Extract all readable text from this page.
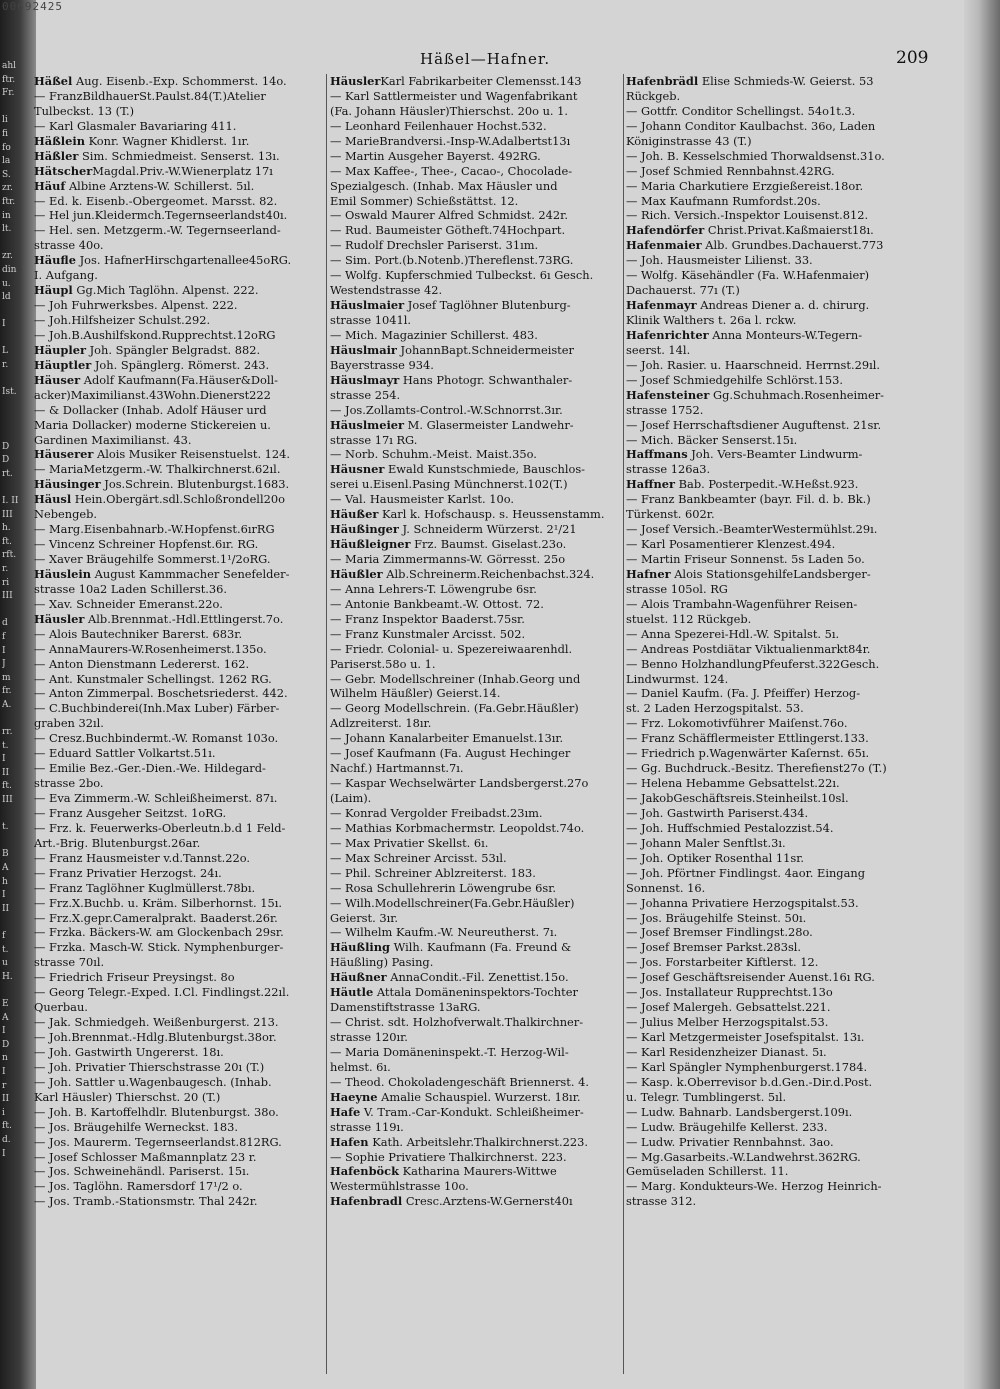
00692425
ahl
ftr.
Fr.

li
fi
fo
la
S.
zr.
ftr.
in
lt.

zr.
din
u.
ld

I

L
r.

Ist.

D
D
rt.

I. II
III
h.
ft.
rft.
r.
ri
III

d
f
I
J
m
fr.
A.

rr.
t.
I
II
ft.
III

t.

B
A
h
I
II

f
t.
u
H.

E
A
I
D
n
I
r
II
i
ft.
d.
I
Häßel—Hafner.	209
Häßel Aug. Eisenb.-Exp. Schommerst. 14o.
— FranzBildhauerSt.Paulst.84(T.)Atelier
Tulbeckst. 13 (T.)
— Karl Glasmaler Bavariaring 411.
Häßlein Konr. Wagner Khidlerst. 1ır.
Häßler Sim. Schmiedmeist. Senserst. 13ı.
HätscherMagdal.Priv.-W.Wienerplatz 17ı
Häuf Albine Arztens-W. Schillerst. 5ıl.
— Ed. k. Eisenb.-Obergeomet. Marsst. 82.
— Hel jun.Kleidermch.Tegernseerlandst40ı.
— Hel. sen. Metzgerm.-W. Tegernseerland-
strasse 40o.
Häufle Jos. HafnerHirschgartenallee45oRG.
I. Aufgang.
Häupl Gg.Mich Taglöhn. Alpenst. 222.
— Joh Fuhrwerksbes. Alpenst. 222.
— Joh.Hilfsheizer Schulst.292.
— Joh.B.Aushilfskond.Rupprechtst.12oRG
Häupler Joh. Spängler Belgradst. 882.
Häuptler Joh. Spänglerg. Römerst. 243.
Häuser Adolf Kaufmann(Fa.Häuser&Doll-
acker)Maximilianst.43Wohn.Dienerst222
— & Dollacker (Inhab. Adolf Häuser urd
Maria Dollacker) moderne Stickereien u.
Gardinen Maximilianst. 43.
Häuserer Alois Musiker Reisenstuelst. 124.
— MariaMetzgerm.-W. Thalkirchnerst.62ıl.
Häusinger Jos.Schrein. Blutenburgst.1683.
Häusl Hein.Obergärt.sdl.Schloßrondell20o
Nebengeb.
— Marg.Eisenbahnarb.-W.Hopfenst.6ırRG
— Vincenz Schreiner Hopfenst.6ır. RG.
— Xaver Bräugehilfe Sommerst.1¹/2oRG.
Häuslein August Kammmacher Senefelder-
strasse 10a2 Laden Schillerst.36.
— Xav. Schneider Emeranst.22o.
Häusler Alb.Brennmat.-Hdl.Ettlingerst.7o.
— Alois Bautechniker Barerst. 683r.
— AnnaMaurers-W.Rosenheimerst.135o.
— Anton Dienstmann Ledererst. 162.
— Ant. Kunstmaler Schellingst. 1262 RG.
— Anton Zimmerpal. Boschetsriederst. 442.
— C.Buchbinderei(Inh.Max Luber) Färber-
graben 32ıl.
— Cresz.Buchbindermt.-W. Romanst 103o.
— Eduard Sattler Volkartst.51ı.
— Emilie Bez.-Ger.-Dien.-We. Hildegard-
strasse 2bo.
— Eva Zimmerm.-W. Schleißheimerst. 87ı.
— Franz Ausgeher Seitzst. 1oRG.
— Frz. k. Feuerwerks-Oberleutn.b.d 1 Feld-
Art.-Brig. Blutenburgst.26ar.
— Franz Hausmeister v.d.Tannst.22o.
— Franz Privatier Herzogst. 24ı.
— Franz Taglöhner Kuglmüllerst.78bı.
— Frz.X.Buchb. u. Kräm. Silberhornst. 15ı.
— Frz.X.gepr.Cameralprakt. Baaderst.26r.
— Frzka. Bäckers-W. am Glockenbach 29sr.
— Frzka. Masch-W. Stick. Nymphenburger-
strasse 70ıl.
— Friedrich Friseur Preysingst. 8o
— Georg Telegr.-Exped. I.Cl. Findlingst.22ıl.
Querbau.
— Jak. Schmiedgeh. Weißenburgerst. 213.
— Joh.Brennmat.-Hdlg.Blutenburgst.38or.
— Joh. Gastwirth Ungererst. 18ı.
— Joh. Privatier Thierschstrasse 20ı (T.)
— Joh. Sattler u.Wagenbaugesch. (Inhab.
Karl Häusler) Thierschst. 20 (T.)
— Joh. B. Kartoffelhdlr. Blutenburgst. 38o.
— Jos. Bräugehilfe Werneckst. 183.
— Jos. Maurerm. Tegernseerlandst.812RG.
— Josef Schlosser Maßmannplatz 23 r.
— Jos. Schweinehändl. Pariserst. 15ı.
— Jos. Taglöhn. Ramersdorf 17¹/2 o.
— Jos. Tramb.-Stationsmstr. Thal 242r.
HäuslerKarl Fabrikarbeiter Clemensst.143
— Karl Sattlermeister und Wagenfabrikant
(Fa. Johann Häusler)Thierschst. 20o u. 1.
— Leonhard Feilenhauer Hochst.532.
— MarieBrandversi.-Insp-W.Adalbertst13ı
— Martin Ausgeher Bayerst. 492RG.
— Max Kaffee-, Thee-, Cacao-, Chocolade-
Spezialgesch. (Inhab. Max Häusler und
Emil Sommer) Schießstättst. 12.
— Oswald Maurer Alfred Schmidst. 242r.
— Rud. Baumeister Götheft.74Hochpart.
— Rudolf Drechsler Pariserst. 31ım.
— Sim. Port.(b.Notenb.)Thereflenst.73RG.
— Wolfg. Kupferschmied Tulbeckst. 6ı Gesch.
Westendstrasse 42.
Häuslmaier Josef Taglöhner Blutenburg-
strasse 1041l.
— Mich. Magazinier Schillerst. 483.
Häuslmair JohannBapt.Schneidermeister
Bayerstrasse 934.
Häuslmayr Hans Photogr. Schwanthaler-
strasse 254.
— Jos.Zollamts-Control.-W.Schnorrst.3ır.
Häuslmeier M. Glasermeister Landwehr-
strasse 17ı RG.
— Norb. Schuhm.-Meist. Maist.35o.
Häusner Ewald Kunstschmiede, Bauschlos-
serei u.Eisenl.Pasing Münchnerst.102(T.)
— Val. Hausmeister Karlst. 10o.
Häußer Karl k. Hofschausp. s. Heussenstamm.
Häußinger J. Schneiderm Würzerst. 2¹/21
Häußleigner Frz. Baumst. Giselast.23o.
— Maria Zimmermanns-W. Görresst. 25o
Häußler Alb.Schreinerm.Reichenbachst.324.
— Anna Lehrers-T. Löwengrube 6sr.
— Antonie Bankbeamt.-W. Ottost. 72.
— Franz Inspektor Baaderst.75sr.
— Franz Kunstmaler Arcisst. 502.
— Friedr. Colonial- u. Spezereiwaarenhdl.
Pariserst.58o u. 1.
— Gebr. Modellschreiner (Inhab.Georg und
Wilhelm Häußler) Geierst.14.
— Georg Modellschrein. (Fa.Gebr.Häußler)
Adlzreiterst. 18ır.
— Johann Kanalarbeiter Emanuelst.13ır.
— Josef Kaufmann (Fa. August Hechinger
Nachf.) Hartmannst.7ı.
— Kaspar Wechselwärter Landsbergerst.27o
(Laim).
— Konrad Vergolder Freibadst.23ım.
— Mathias Korbmachermstr. Leopoldst.74o.
— Max Privatier Skellst. 6ı.
— Max Schreiner Arcisst. 53ıl.
— Phil. Schreiner Ablzreiterst. 183.
— Rosa Schullehrerin Löwengrube 6sr.
— Wilh.Modellschreiner(Fa.Gebr.Häußler)
Geierst. 3ır.
— Wilhelm Kaufm.-W. Neureutherst. 7ı.
Häußling Wilh. Kaufmann (Fa. Freund &
Häußling) Pasing.
Häußner AnnaCondit.-Fil. Zenettist.15o.
Häutle Attala Domäneninspektors-Tochter
Damenstiftstrasse 13aRG.
— Christ. sdt. Holzhofverwalt.Thalkirchner-
strasse 120ır.
— Maria Domäneninspekt.-T. Herzog-Wil-
helmst. 6ı.
— Theod. Chokoladengeschäft Briennerst. 4.
Haeyne Amalie Schauspiel. Wurzerst. 18ır.
Hafe V. Tram.-Car-Kondukt. Schleißheimer-
strasse 119ı.
Hafen Kath. Arbeitslehr.Thalkirchnerst.223.
— Sophie Privatiere Thalkirchnerst. 223.
Hafenböck Katharina Maurers-Wittwe
Westermühlstrasse 10o.
Hafenbradl Cresc.Arztens-W.Gernerst40ı
Hafenbrädl Elise Schmieds-W. Geierst. 53
Rückgeb.
— Gottfr. Conditor Schellingst. 54o1t.3.
— Johann Conditor Kaulbachst. 36o, Laden
Königinstrasse 43 (T.)
— Joh. B. Kesselschmied Thorwaldsenst.31o.
— Josef Schmied Rennbahnst.42RG.
— Maria Charkutiere Erzgießereist.18or.
— Max Kaufmann Rumfordst.20s.
— Rich. Versich.-Inspektor Louisenst.812.
Hafendörfer Christ.Privat.Kaßmaierst18ı.
Hafenmaier Alb. Grundbes.Dachauerst.773
— Joh. Hausmeister Lilienst. 33.
— Wolfg. Käsehändler (Fa. W.Hafenmaier)
Dachauerst. 77ı (T.)
Hafenmayr Andreas Diener a. d. chirurg.
Klinik Walthers t. 26a l. rckw.
Hafenrichter Anna Monteurs-W.Tegern-
seerst. 14l.
— Joh. Rasier. u. Haarschneid. Herrnst.29ıl.
— Josef Schmiedgehilfe Schlörst.153.
Hafensteiner Gg.Schuhmach.Rosenheimer-
strasse 1752.
— Josef Herrschaftsdiener Auguftenst. 21sr.
— Mich. Bäcker Senserst.15ı.
Haffmans Joh. Vers-Beamter Lindwurm-
strasse 126a3.
Haffner Bab. Posterpedit.-W.Heßst.923.
— Franz Bankbeamter (bayr. Fil. d. b. Bk.)
Türkenst. 602r.
— Josef Versich.-BeamterWestermühlst.29ı.
— Karl Posamentierer Klenzest.494.
— Martin Friseur Sonnenst. 5s Laden 5o.
Hafner Alois StationsgehilfeLandsberger-
strasse 105ol. RG
— Alois Trambahn-Wagenführer Reisen-
stuelst. 112 Rückgeb.
— Anna Spezerei-Hdl.-W. Spitalst. 5ı.
— Andreas Postdiätar Viktualienmarkt84r.
— Benno HolzhandlungPfeuferst.322Gesch.
Lindwurmst. 124.
— Daniel Kaufm. (Fa. J. Pfeiffer) Herzog-
st. 2 Laden Herzogspitalst. 53.
— Frz. Lokomotivführer Maiſenst.76o.
— Franz Schäfflermeister Ettlingerst.133.
— Friedrich p.Wagenwärter Kaſernst. 65ı.
— Gg. Buchdruck.-Besitz. Therefienst27o (T.)
— Helena Hebamme Gebsattelst.22ı.
— JakobGeschäftsreis.Steinheilst.10sl.
— Joh. Gastwirth Pariserst.434.
— Joh. Huffschmied Pestalozzist.54.
— Johann Maler Senftlst.3ı.
— Joh. Optiker Rosenthal 11sr.
— Joh. Pförtner Findlingst. 4aor. Eingang
Sonnenst. 16.
— Johanna Privatiere Herzogspitalst.53.
— Jos. Bräugehilfe Steinst. 50ı.
— Josef Bremser Findlingst.28o.
— Josef Bremser Parkst.283sl.
— Jos. Forstarbeiter Kiftlerst. 12.
— Josef Geschäftsreisender Auenst.16ı RG.
— Jos. Installateur Rupprechtst.13o
— Josef Malergeh. Gebsattelst.221.
— Julius Melber Herzogspitalst.53.
— Karl Metzgermeister Josefspitalst. 13ı.
— Karl Residenzheizer Dianast. 5ı.
— Karl Spängler Nymphenburgerst.1784.
— Kasp. k.Oberrevisor b.d.Gen.-Dir.d.Post.
u. Telegr. Tumblingerst. 5ıl.
— Ludw. Bahnarb. Landsbergerst.109ı.
— Ludw. Bräugehilfe Kellerst. 233.
— Ludw. Privatier Rennbahnst. 3ao.
— Mg.Gasarbeits.-W.Landwehrst.362RG.
Gemüseladen Schillerst. 11.
— Marg. Kondukteurs-We. Herzog Heinrich-
strasse 312.
